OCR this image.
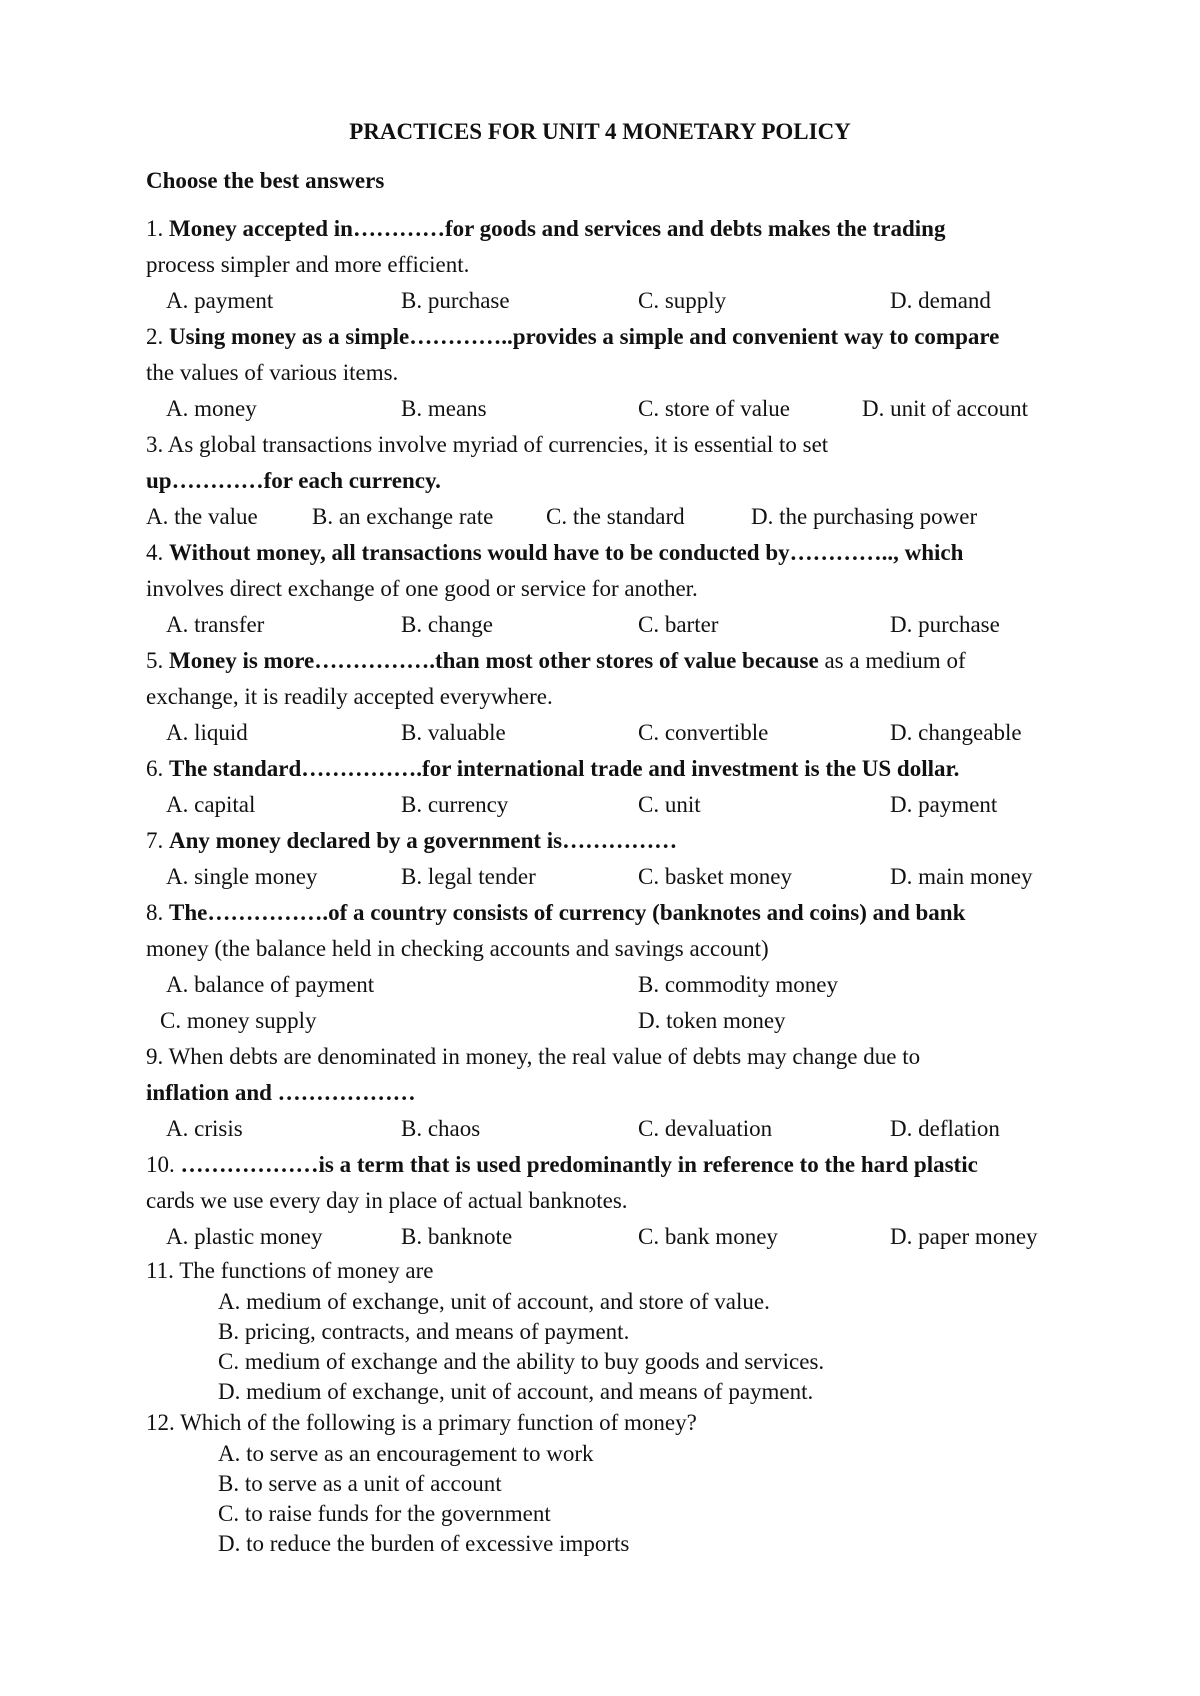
PRACTICES FOR UNIT 4 MONETARY POLICY
Choose the best answers
1. Money accepted in…………for goods and services and debts makes the trading
process simpler and more efficient.
A. payment	B. purchase	C. supply	D. demand
2. Using money as a simple…………..provides a simple and convenient way to compare
the values of various items.
A. money	B. means	C. store of value	D. unit of account
3. As global transactions involve myriad of currencies, it is essential to set
up…………for each currency.
A. the value B. an exchange rate C. the standard	D. the purchasing power
4. Without money, all transactions would have to be conducted by………….., which
involves direct exchange of one good or service for another.
A. transfer	B. change	C. barter	D. purchase
5. Money is more…………….than most other stores of value because as a medium of
exchange, it is readily accepted everywhere.
A. liquid	B. valuable	C. convertible	D. changeable
6. The standard…………….for international trade and investment is the US dollar.
A. capital	B. currency	C. unit	D. payment
7. Any money declared by a government is……………
A. single money	B. legal tender	C. basket money	D. main money
8. The…………….of a country consists of currency (banknotes and coins) and bank
money (the balance held in checking accounts and savings account)
A. balance of payment	B. commodity money
C. money supply	D. token money
9. When debts are denominated in money, the real value of debts may change due to
inflation and ………………
A. crisis	B. chaos	C. devaluation	D. deflation
10. ………………is a term that is used predominantly in reference to the hard plastic
cards we use every day in place of actual banknotes.
A. plastic money	B. banknote	C. bank money	D. paper money
11. The functions of money are
A. medium of exchange, unit of account, and store of value.
B. pricing, contracts, and means of payment.
C. medium of exchange and the ability to buy goods and services.
D. medium of exchange, unit of account, and means of payment.
12. Which of the following is a primary function of money?
A. to serve as an encouragement to work
B. to serve as a unit of account
C. to raise funds for the government
D. to reduce the burden of excessive imports
